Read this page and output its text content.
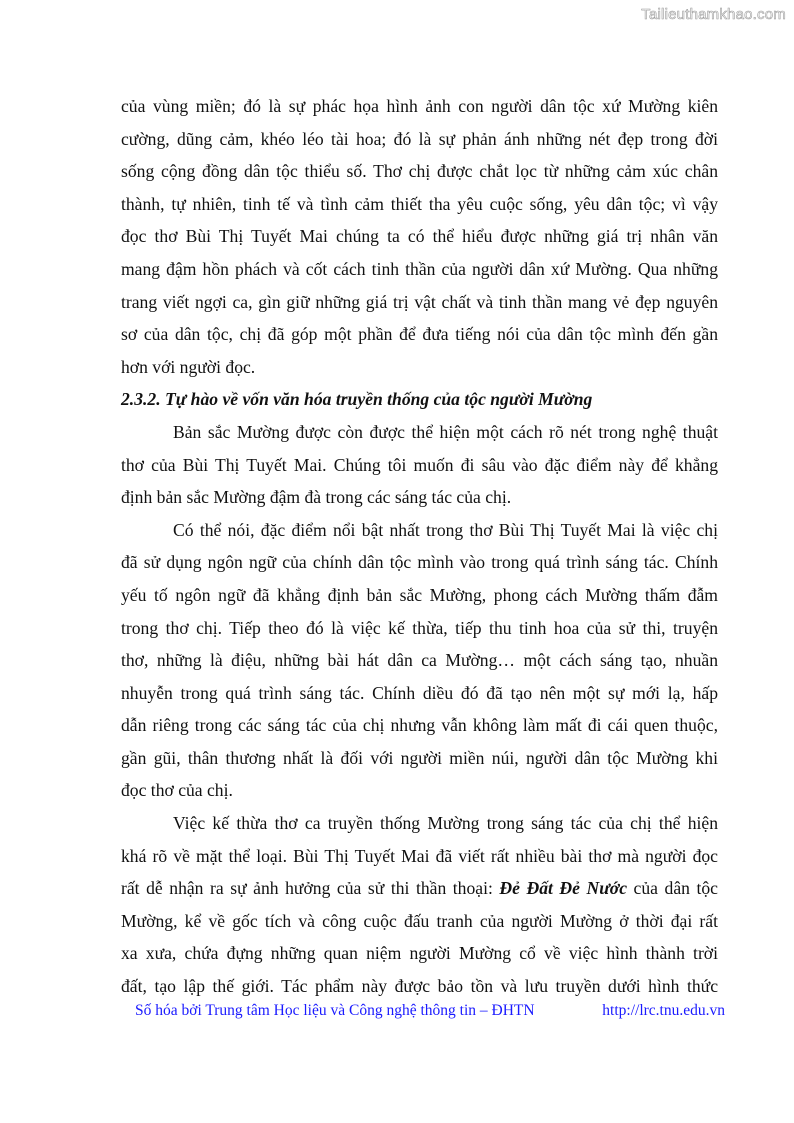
Tailieuthamkhao.com
của vùng miền; đó là sự phác họa hình ảnh con người dân tộc xứ Mường kiên
cường, dũng cảm, khéo léo tài hoa; đó là sự phản ánh những nét đẹp trong đời
sống cộng đồng dân tộc thiểu số. Thơ chị được chắt lọc từ những cảm xúc chân
thành, tự nhiên, tinh tế và tình cảm thiết tha yêu cuộc sống, yêu dân tộc; vì vậy
đọc thơ Bùi Thị Tuyết Mai chúng ta có thể hiểu được những giá trị nhân văn
mang đậm hồn phách và cốt cách tinh thần của người dân xứ Mường. Qua những
trang viết ngợi ca, gìn giữ những giá trị vật chất và tinh thần mang vẻ đẹp nguyên
sơ của dân tộc, chị đã góp một phần để đưa tiếng nói của dân tộc mình đến gần
hơn với người đọc.
2.3.2. Tự hào về vốn văn hóa truyền thống của tộc người Mường
Bản sắc Mường được còn được thể hiện một cách rõ nét trong nghệ thuật
thơ của Bùi Thị Tuyết Mai. Chúng tôi muốn đi sâu vào đặc điểm này để khẳng
định bản sắc Mường đậm đà trong các sáng tác của chị.
Có thể nói, đặc điểm nổi bật nhất trong thơ Bùi Thị Tuyết Mai là việc chị
đã sử dụng ngôn ngữ của chính dân tộc mình vào trong quá trình sáng tác. Chính
yếu tố ngôn ngữ đã khẳng định bản sắc Mường, phong cách Mường thấm đẫm
trong thơ chị. Tiếp theo đó là việc kế thừa, tiếp thu tinh hoa của sử thi, truyện
thơ, những là điệu, những bài hát dân ca Mường… một cách sáng tạo, nhuần
nhuyễn trong quá trình sáng tác. Chính diều đó đã tạo nên một sự mới lạ, hấp
dẫn riêng trong các sáng tác của chị nhưng vẫn không làm mất đi cái quen thuộc,
gần gũi, thân thương nhất là đối với người miền núi, người dân tộc Mường khi
đọc thơ của chị.
Việc kế thừa thơ ca truyền thống Mường trong sáng tác của chị thể hiện
khá rõ về mặt thể loại. Bùi Thị Tuyết Mai đã viết rất nhiều bài thơ mà người đọc
rất dễ nhận ra sự ảnh hưởng của sử thi thần thoại: Đẻ Đất Đẻ Nước của dân tộc
Mường, kể về gốc tích và công cuộc đấu tranh của người Mường ở thời đại rất
xa xưa, chứa đựng những quan niệm người Mường cổ về việc hình thành trời
đất, tạo lập thế giới. Tác phẩm này được bảo tồn và lưu truyền dưới hình thức
Số hóa bởi Trung tâm Học liệu và Công nghệ thông tin – ĐHTN	http://lrc.tnu.edu.vn
